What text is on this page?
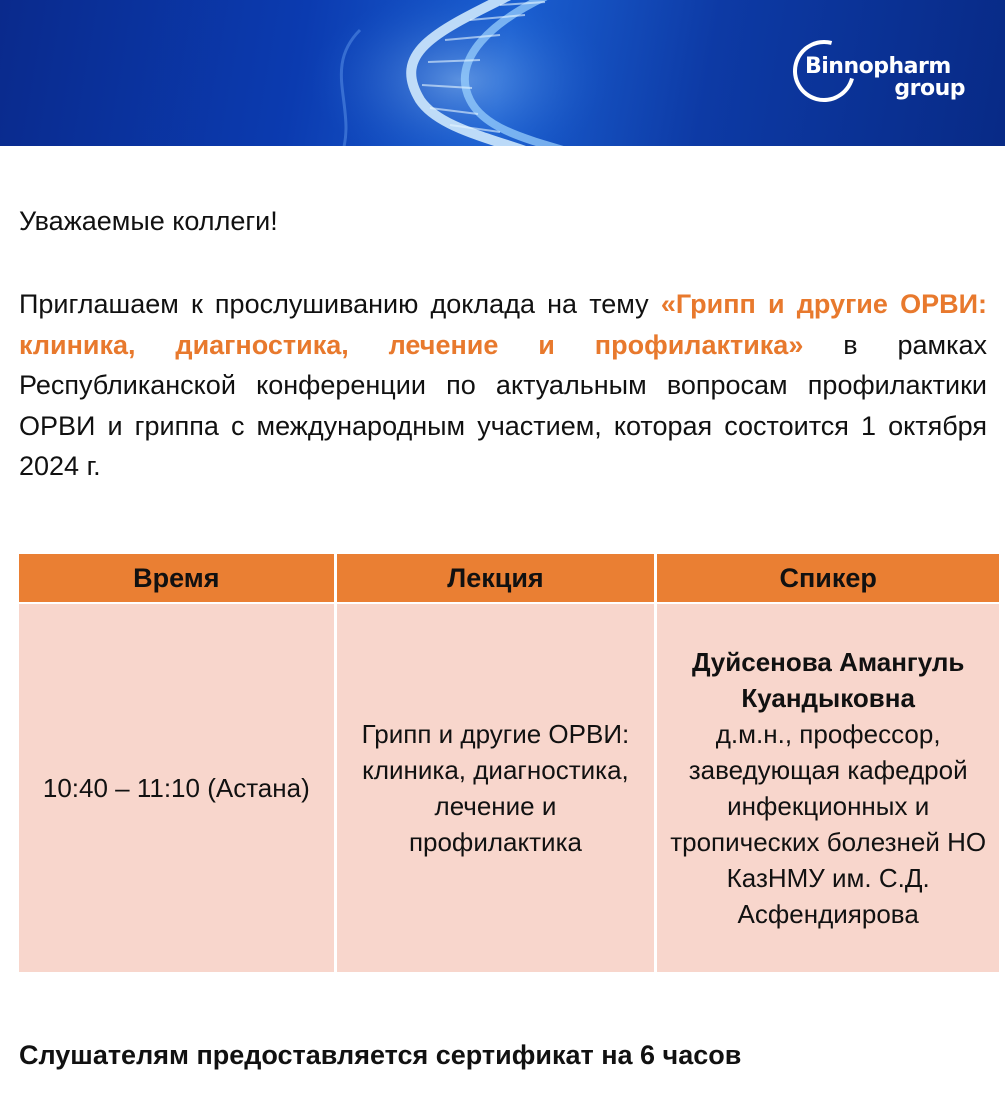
Binnopharm
group

Уважаемые коллеги!

Приглашаем к прослушиванию доклада на тему «Грипп и другие ОРВИ: клиника, диагностика, лечение и профилактика» в рамках Республиканской конференции по актуальным вопросам профилактики ОРВИ и гриппа с международным участием, которая состоится 1 октября 2024 г.

Время	Лекция	Спикер
10:40 – 11:10 (Астана)	Грипп и другие ОРВИ: клиника, диагностика, лечение и профилактика	Дуйсенова Амангуль Куандыковна
д.м.н., профессор, заведующая кафедрой инфекционных и тропических болезней НО КазНМУ им. С.Д. Асфендиярова

Слушателям предоставляется сертификат на 6 часов
